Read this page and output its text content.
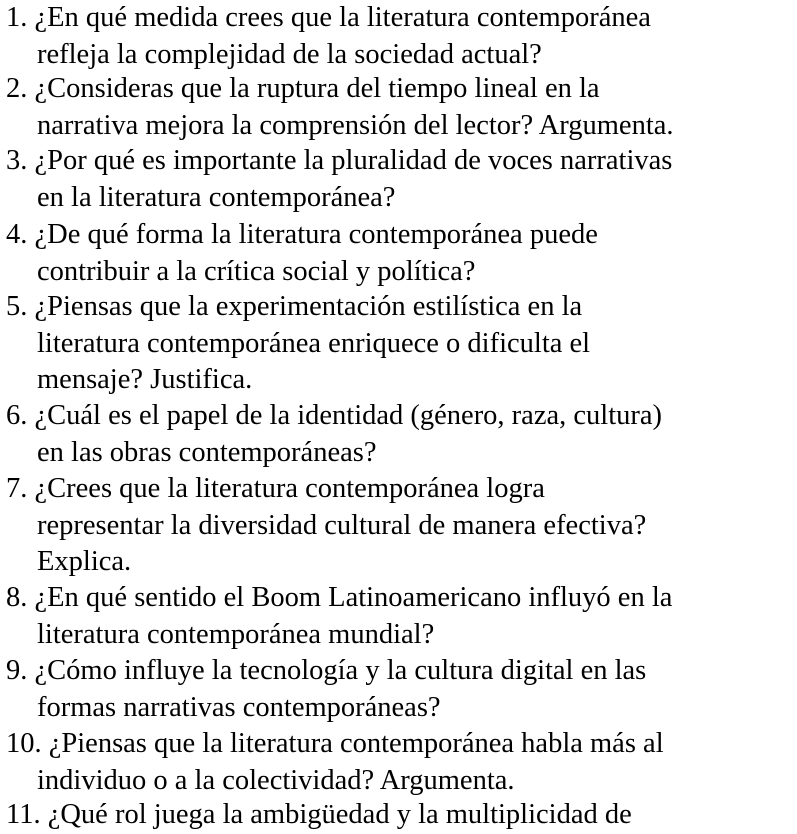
1. ¿En qué medida crees que la literatura contemporánea
refleja la complejidad de la sociedad actual?
2. ¿Consideras que la ruptura del tiempo lineal en la
narrativa mejora la comprensión del lector? Argumenta.
3. ¿Por qué es importante la pluralidad de voces narrativas
en la literatura contemporánea?
4. ¿De qué forma la literatura contemporánea puede
contribuir a la crítica social y política?
5. ¿Piensas que la experimentación estilística en la
literatura contemporánea enriquece o dificulta el
mensaje? Justifica.
6. ¿Cuál es el papel de la identidad (género, raza, cultura)
en las obras contemporáneas?
7. ¿Crees que la literatura contemporánea logra
representar la diversidad cultural de manera efectiva?
Explica.
8. ¿En qué sentido el Boom Latinoamericano influyó en la
literatura contemporánea mundial?
9. ¿Cómo influye la tecnología y la cultura digital en las
formas narrativas contemporáneas?
10. ¿Piensas que la literatura contemporánea habla más al
individuo o a la colectividad? Argumenta.
11. ¿Qué rol juega la ambigüedad y la multiplicidad de
